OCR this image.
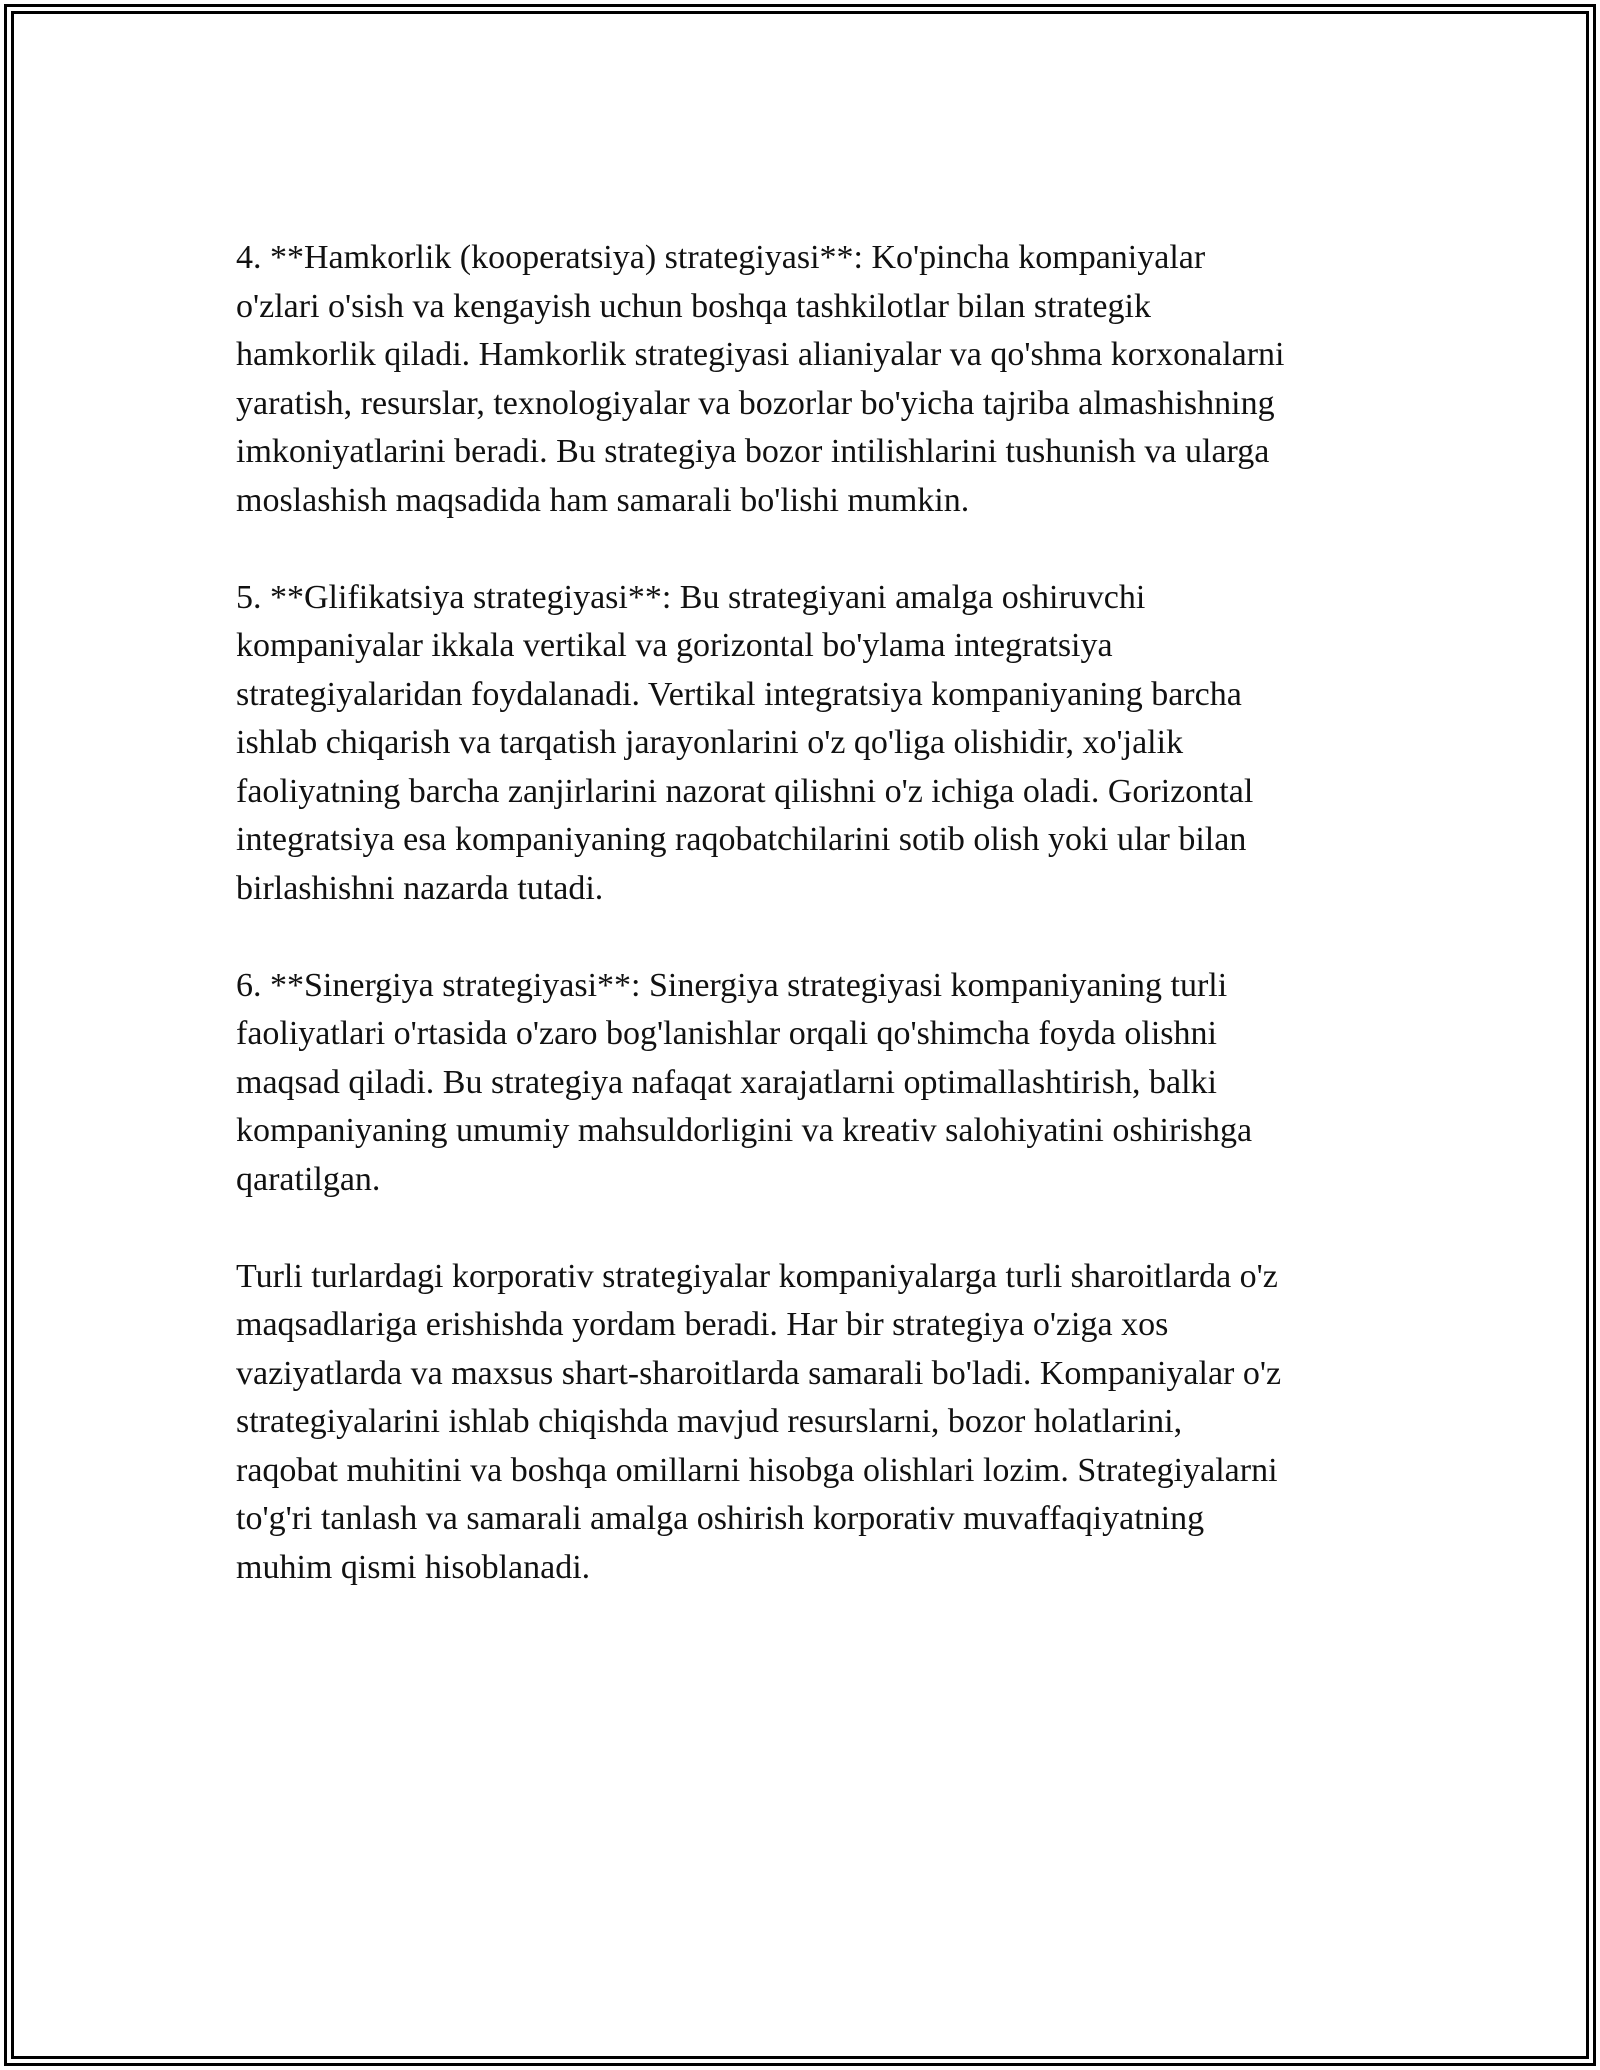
4. **Hamkorlik (kooperatsiya) strategiyasi**: Ko'pincha kompaniyalar
o'zlari o'sish va kengayish uchun boshqa tashkilotlar bilan strategik
hamkorlik qiladi. Hamkorlik strategiyasi alianiyalar va qo'shma korxonalarni
yaratish, resurslar, texnologiyalar va bozorlar bo'yicha tajriba almashishning
imkoniyatlarini beradi. Bu strategiya bozor intilishlarini tushunish va ularga
moslashish maqsadida ham samarali bo'lishi mumkin.

5. **Glifikatsiya strategiyasi**: Bu strategiyani amalga oshiruvchi
kompaniyalar ikkala vertikal va gorizontal bo'ylama integratsiya
strategiyalaridan foydalanadi. Vertikal integratsiya kompaniyaning barcha
ishlab chiqarish va tarqatish jarayonlarini o'z qo'liga olishidir, xo'jalik
faoliyatning barcha zanjirlarini nazorat qilishni o'z ichiga oladi. Gorizontal
integratsiya esa kompaniyaning raqobatchilarini sotib olish yoki ular bilan
birlashishni nazarda tutadi.

6. **Sinergiya strategiyasi**: Sinergiya strategiyasi kompaniyaning turli
faoliyatlari o'rtasida o'zaro bog'lanishlar orqali qo'shimcha foyda olishni
maqsad qiladi. Bu strategiya nafaqat xarajatlarni optimallashtirish, balki
kompaniyaning umumiy mahsuldorligini va kreativ salohiyatini oshirishga
qaratilgan.

Turli turlardagi korporativ strategiyalar kompaniyalarga turli sharoitlarda o'z
maqsadlariga erishishda yordam beradi. Har bir strategiya o'ziga xos
vaziyatlarda va maxsus shart-sharoitlarda samarali bo'ladi. Kompaniyalar o'z
strategiyalarini ishlab chiqishda mavjud resurslarni, bozor holatlarini,
raqobat muhitini va boshqa omillarni hisobga olishlari lozim. Strategiyalarni
to'g'ri tanlash va samarali amalga oshirish korporativ muvaffaqiyatning
muhim qismi hisoblanadi.
